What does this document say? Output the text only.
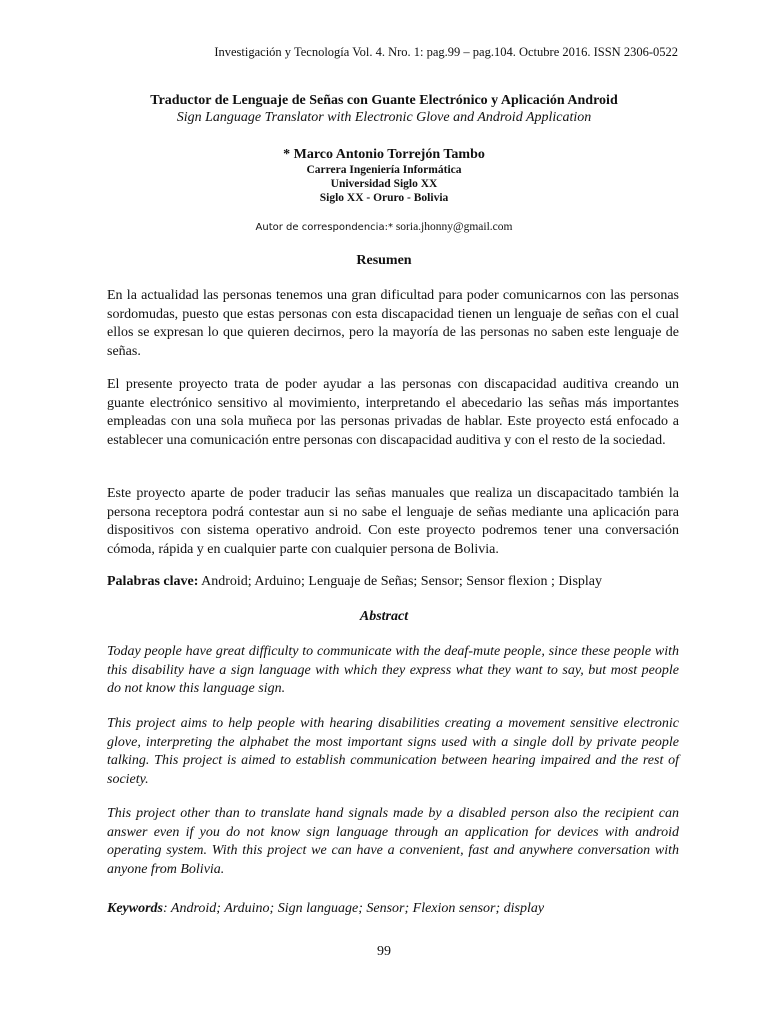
Investigación y Tecnología Vol. 4. Nro. 1: pag.99 – pag.104. Octubre 2016. ISSN 2306-0522

Traductor de Lenguaje de Señas con Guante Electrónico y Aplicación Android

Sign Language Translator with Electronic Glove and Android Application

* Marco Antonio Torrejón Tambo

Carrera Ingeniería Informática

Universidad Siglo XX

Siglo XX - Oruro - Bolivia

Autor de correspondencia:* soria.jhonny@gmail.com

Resumen

En la actualidad las personas tenemos una gran dificultad para poder comunicarnos con las personas sordomudas, puesto que estas personas con esta discapacidad tienen un lenguaje de señas con el cual ellos se expresan lo que quieren decirnos, pero la mayoría de las personas no saben este lenguaje de señas.

El presente proyecto trata de poder ayudar a las personas con discapacidad auditiva creando un guante electrónico sensitivo al movimiento, interpretando el abecedario las señas más importantes empleadas con una sola muñeca por las personas privadas de hablar. Este proyecto está enfocado a establecer una comunicación entre personas con discapacidad auditiva y con el resto de la sociedad.

Este proyecto aparte de poder traducir las señas manuales que realiza un discapacitado también la persona receptora podrá contestar aun si no sabe el lenguaje de señas mediante una aplicación para dispositivos con sistema operativo android. Con este proyecto podremos tener una conversación cómoda, rápida y en cualquier parte con cualquier persona de Bolivia.

Palabras clave: Android; Arduino; Lenguaje de Señas; Sensor; Sensor flexion ; Display

Abstract

Today people have great difficulty to communicate with the deaf-mute people, since these people with this disability have a sign language with which they express what they want to say, but most people do not know this language sign.

This project aims to help people with hearing disabilities creating a movement sensitive electronic glove, interpreting the alphabet the most important signs used with a single doll by private people talking. This project is aimed to establish communication between hearing impaired and the rest of society.

This project other than to translate hand signals made by a disabled person also the recipient can answer even if you do not know sign language through an application for devices with android operating system. With this project we can have a convenient, fast and anywhere conversation with anyone from Bolivia.

Keywords: Android; Arduino; Sign language; Sensor; Flexion sensor; display

99
